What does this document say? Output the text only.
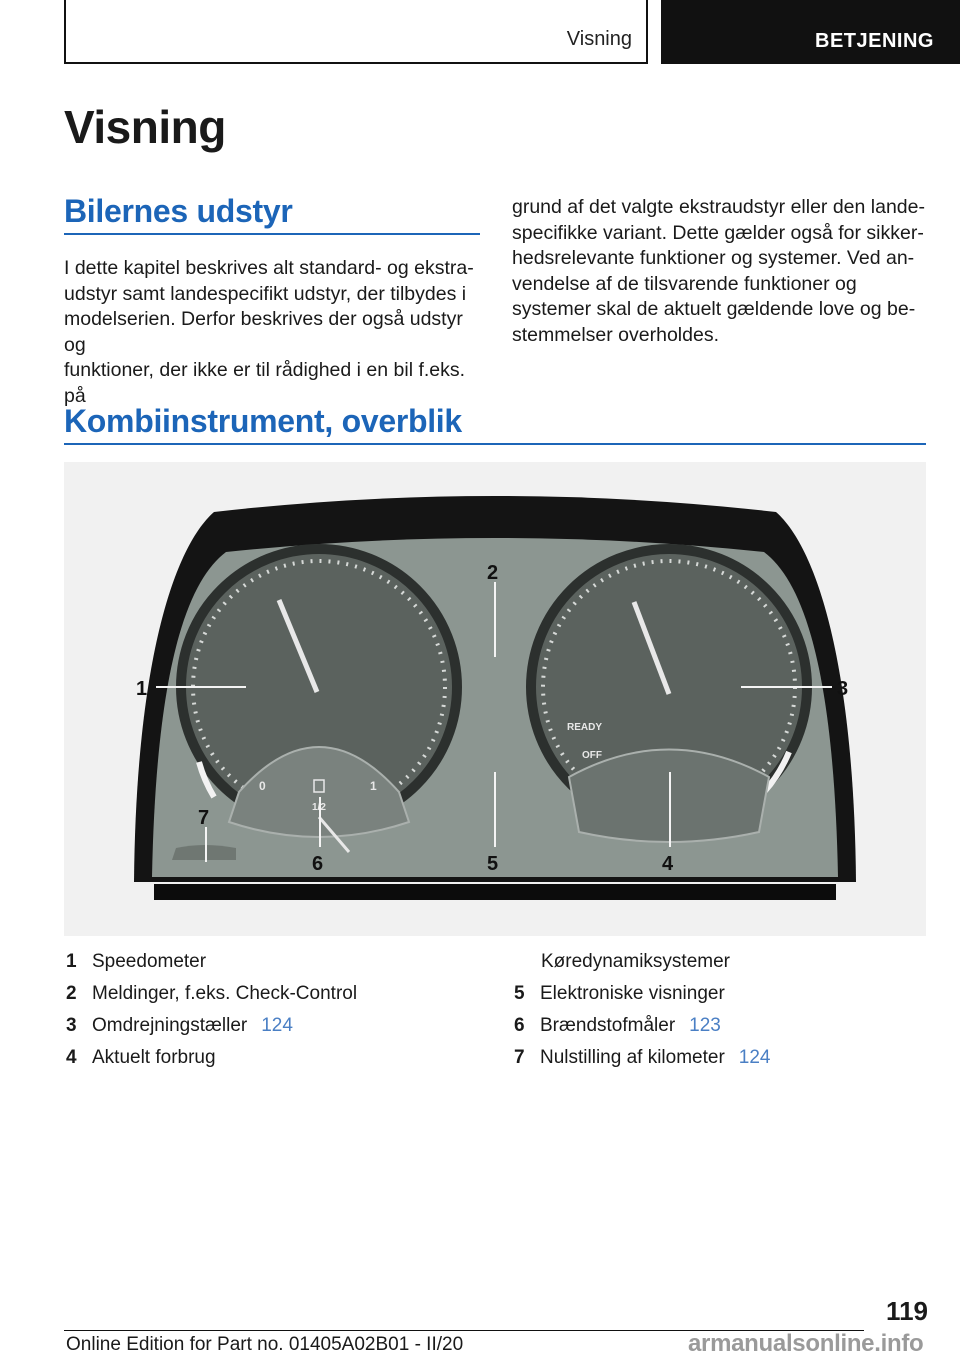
Visning	BETJENING
Visning
Bilernes udstyr

I dette kapitel beskrives alt standard- og ekstra-
udstyr samt landespecifikt udstyr, der tilbydes i
modelserien. Derfor beskrives der også udstyr og
funktioner, der ikke er til rådighed i en bil f.eks. på

grund af det valgte ekstraudstyr eller den lande-
specifikke variant. Dette gælder også for sikker-
hedsrelevante funktioner og systemer. Ved an-
vendelse af de tilsvarende funktioner og
systemer skal de aktuelt gældende love og be-
stemmelser overholdes.

Kombiinstrument, overblik
READY
OFF
0
1/2
1
1
2
3
4
5
6
7
1 Speedometer
2 Meldinger, f.eks. Check-Control
3 Omdrejningstæller 124
4 Aktuelt forbrug
Køredynamiksystemer
5 Elektroniske visninger
6 Brændstofmåler 123
7 Nulstilling af kilometer 124
119
Online Edition for Part no. 01405A02B01 - II/20	armanualsonline.info
